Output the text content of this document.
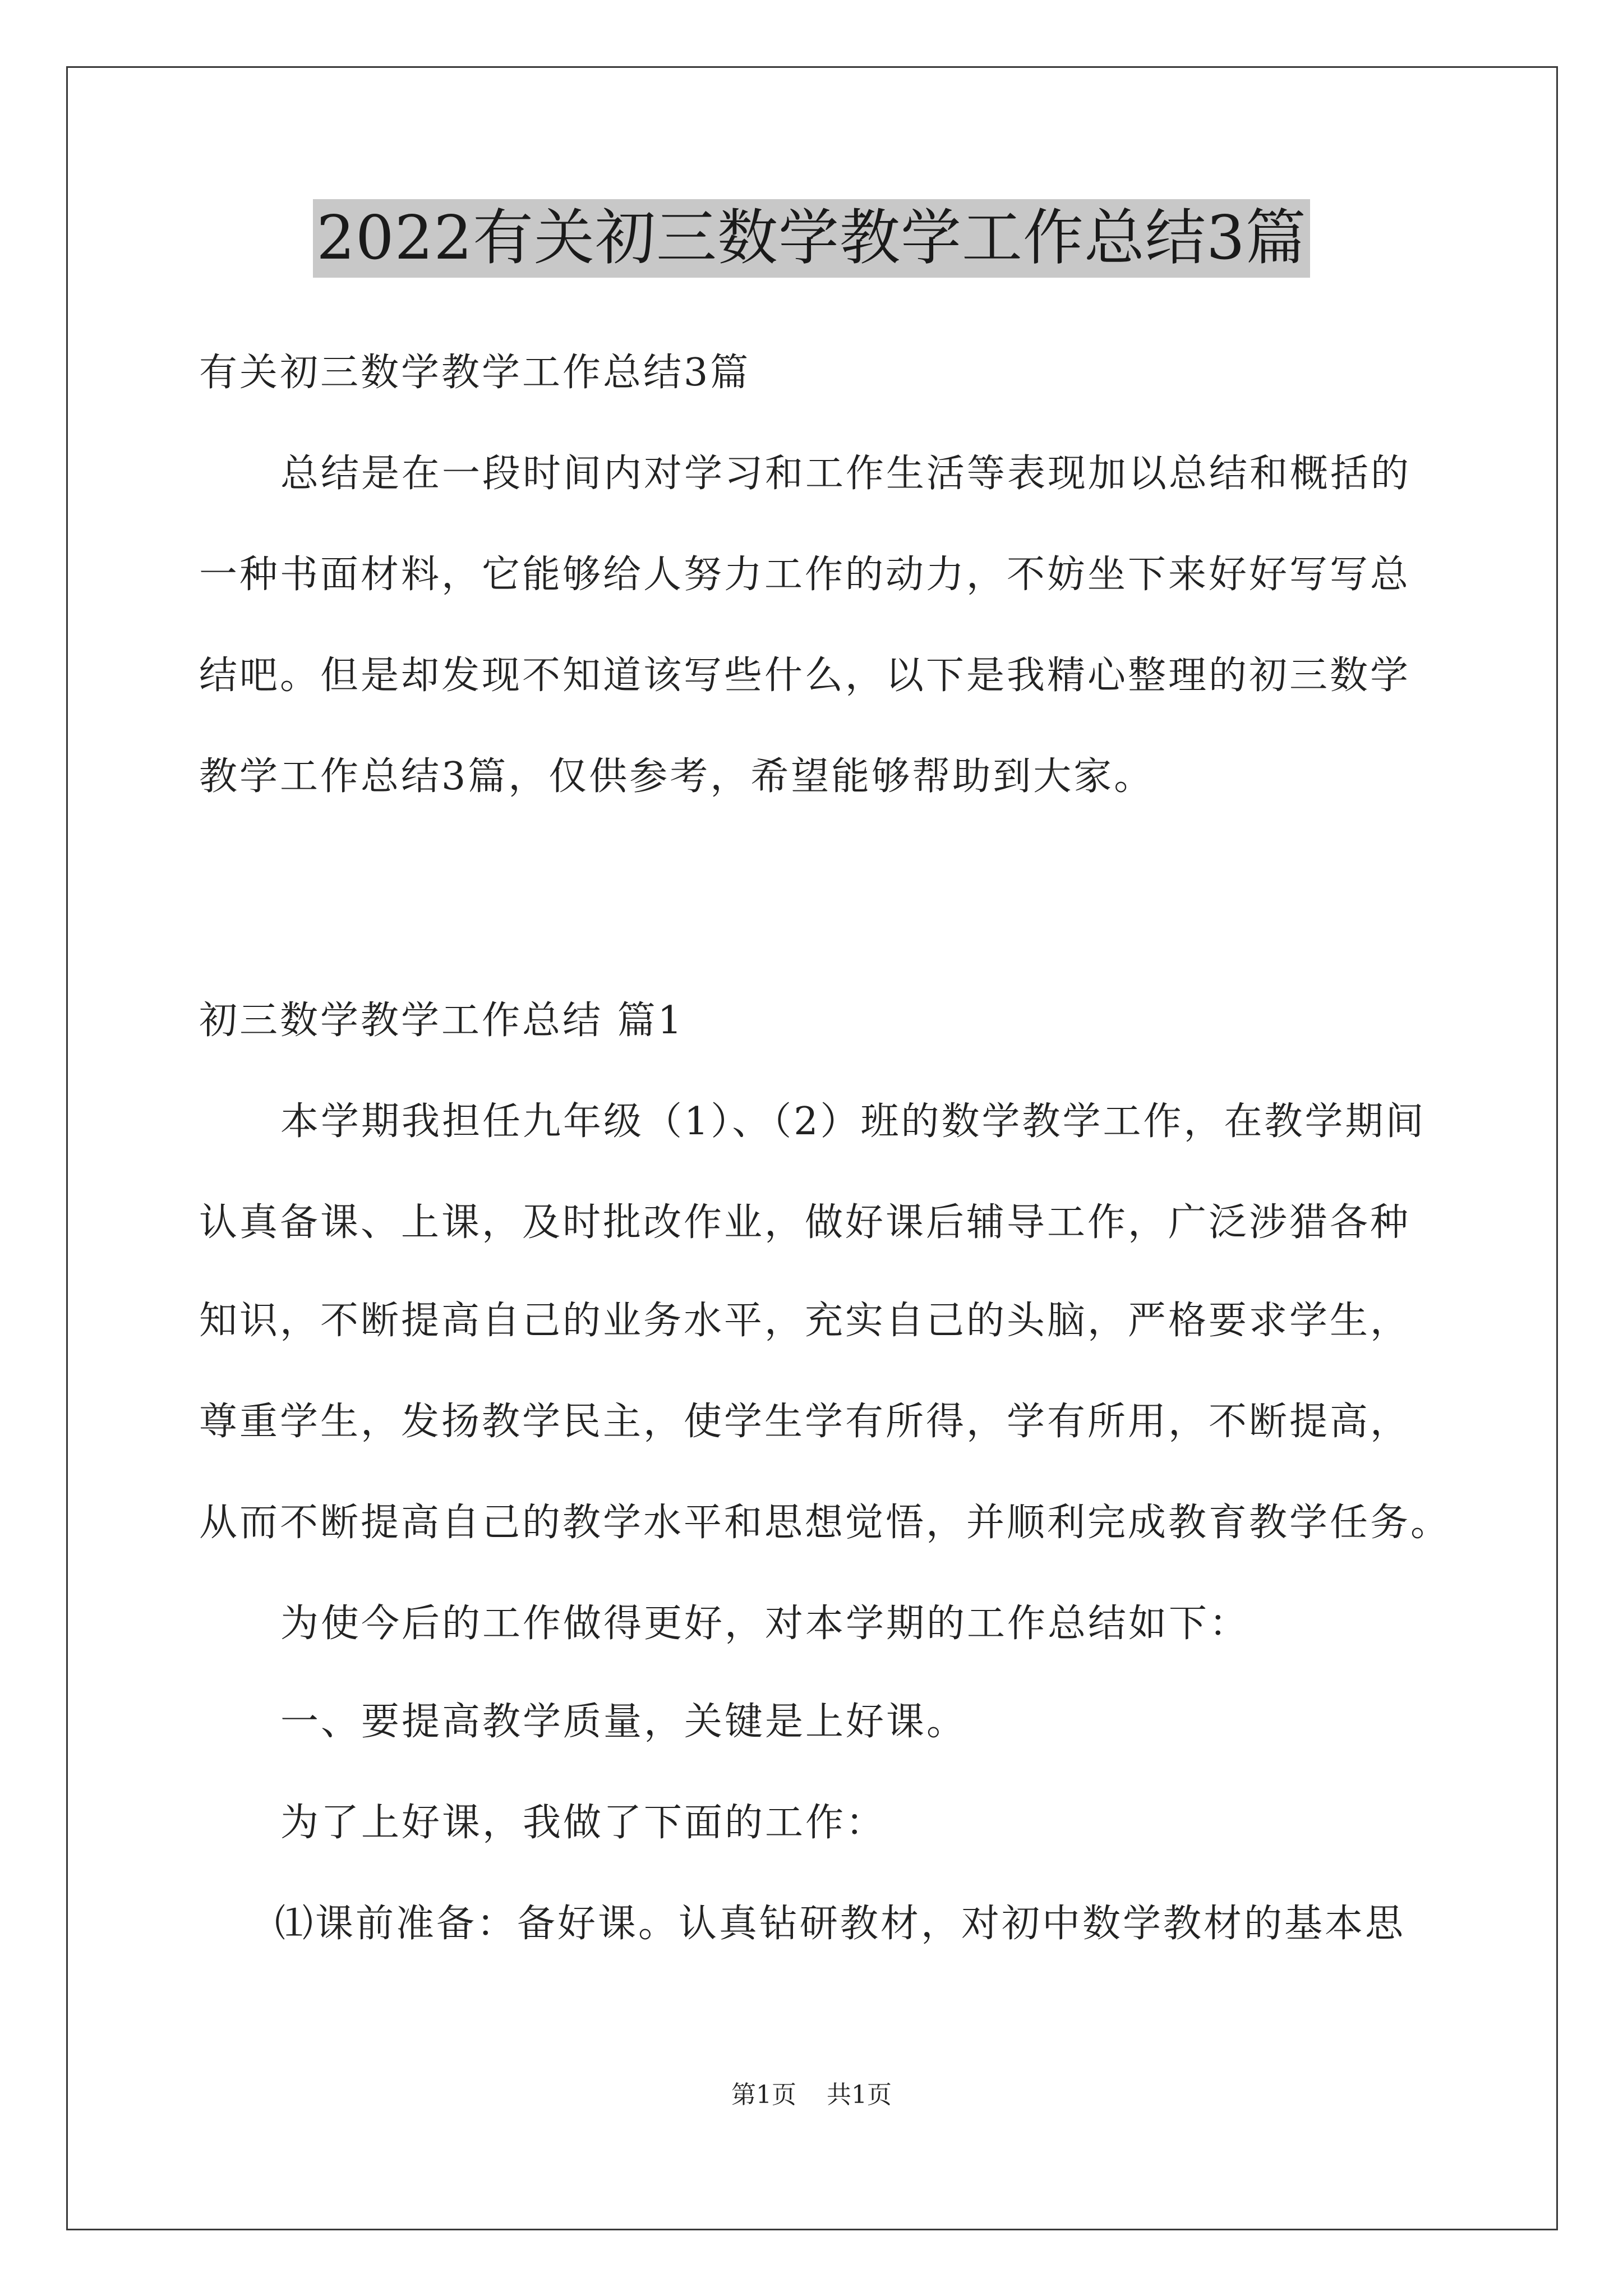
2022有关初三数学教学工作总结3篇
有关初三数学教学工作总结3篇
总结是在一段时间内对学习和工作生活等表现加以总结和概括的
一种书面材料，它能够给人努力工作的动力，不妨坐下来好好写写总
结吧。但是却发现不知道该写些什么，以下是我精心整理的初三数学
教学工作总结3篇，仅供参考，希望能够帮助到大家。
初三数学教学工作总结 篇1
本学期我担任九年级（1）、（2）班的数学教学工作，在教学期间
认真备课、上课，及时批改作业，做好课后辅导工作，广泛涉猎各种
知识，不断提高自己的业务水平，充实自己的头脑，严格要求学生，
尊重学生，发扬教学民主，使学生学有所得，学有所用，不断提高，
从而不断提高自己的教学水平和思想觉悟，并顺利完成教育教学任务。
为使今后的工作做得更好，对本学期的工作总结如下：
一、要提高教学质量，关键是上好课。
为了上好课，我做了下面的工作：
⑴课前准备：备好课。认真钻研教材，对初中数学教材的基本思
第1页 共1页
